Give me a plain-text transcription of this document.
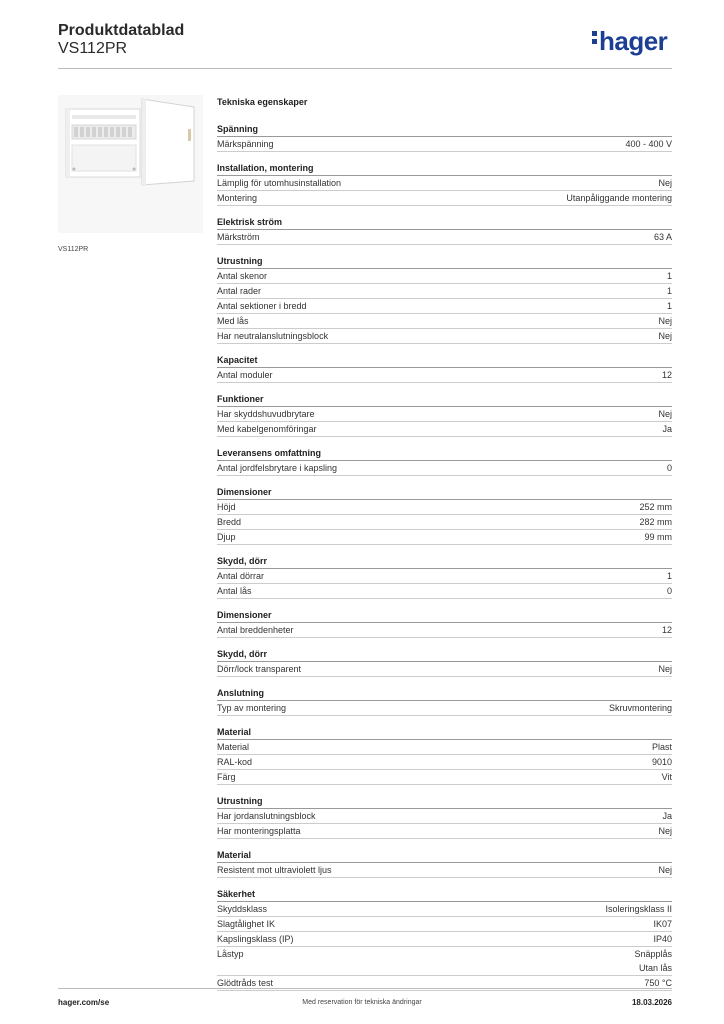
Produktdatablad
VS112PR	hager
VS112PR
Tekniska egenskaper
Spänning
Märkspänning	400 - 400 V
Installation, montering
Lämplig för utomhusinstallation	Nej
Montering	Utanpåliggande montering
Elektrisk ström
Märkström	63 A
Utrustning
Antal skenor	1
Antal rader	1
Antal sektioner i bredd	1
Med lås	Nej
Har neutralanslutningsblock	Nej
Kapacitet
Antal moduler	12
Funktioner
Har skyddshuvudbrytare	Nej
Med kabelgenomföringar	Ja
Leveransens omfattning
Antal jordfelsbrytare i kapsling	0
Dimensioner
Höjd	252 mm
Bredd	282 mm
Djup	99 mm
Skydd, dörr
Antal dörrar	1
Antal lås	0
Dimensioner
Antal breddenheter	12
Skydd, dörr
Dörr/lock transparent	Nej
Anslutning
Typ av montering	Skruvmontering
Material
Material	Plast
RAL-kod	9010
Färg	Vit
Utrustning
Har jordanslutningsblock	Ja
Har monteringsplatta	Nej
Material
Resistent mot ultraviolett ljus	Nej
Säkerhet
Skyddsklass	Isoleringsklass II
Slagtålighet IK	IK07
Kapslingsklass (IP)	IP40
Låstyp	Snäpplås
Utan lås
Glödtråds test	750 °C
hager.com/se	Med reservation för tekniska ändringar	18.03.2026
